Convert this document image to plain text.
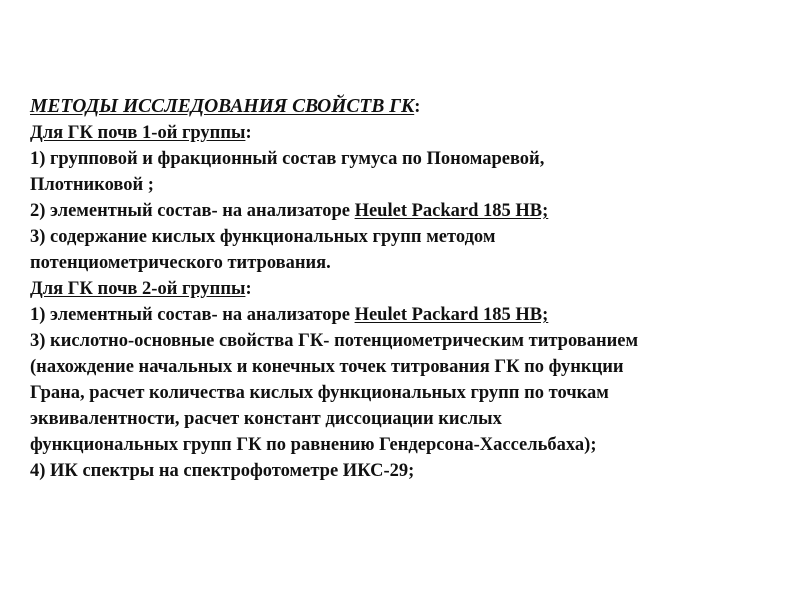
МЕТОДЫ ИССЛЕДОВАНИЯ СВОЙСТВ ГК:
Для ГК почв 1-ой группы:
1) групповой и фракционный состав гумуса по Пономаревой,
Плотниковой ;
2) элементный состав- на анализаторе Heulet Packard 185 HB;
3) содержание кислых функциональных групп методом
потенциометрического титрования.
Для ГК почв 2-ой группы:
1) элементный состав- на анализаторе Heulet Packard 185 HB;
3) кислотно-основные свойства ГК- потенциометрическим титрованием
(нахождение начальных и конечных точек титрования ГК по функции
Грана, расчет количества кислых функциональных групп по точкам
эквивалентности, расчет констант диссоциации кислых
функциональных групп ГК по равнению Гендерсона-Хассельбаха);
4) ИК спектры на спектрофотометре ИКС-29;
